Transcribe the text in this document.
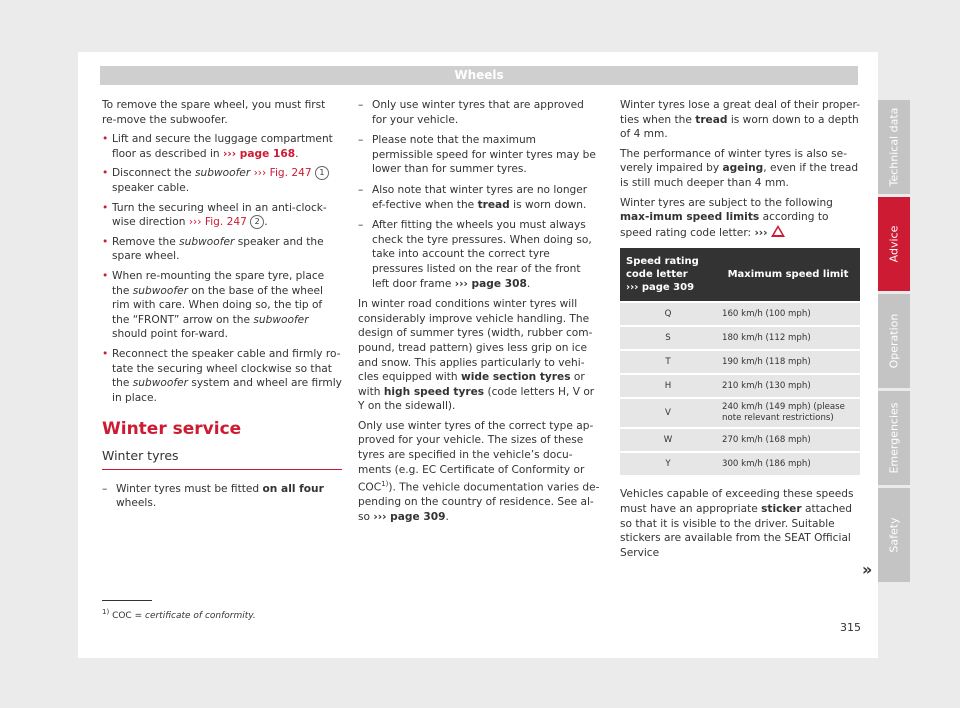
Wheels

To remove the spare wheel, you must first re-move the subwoofer.

• Lift and secure the luggage compartment floor as described in ››› page 168.

• Disconnect the subwoofer ››› Fig. 247 1 speaker cable.

• Turn the securing wheel in an anti-clock-wise direction ››› Fig. 247 2 .

• Remove the subwoofer speaker and the spare wheel.

• When re-mounting the spare tyre, place the subwoofer on the base of the wheel rim with care. When doing so, the tip of the “FRONT” arrow on the subwoofer should point for-ward.

• Reconnect the speaker cable and firmly ro-tate the securing wheel clockwise so that the subwoofer system and wheel are firmly in place.

Winter service
Winter tyres

– Winter tyres must be fitted on all four wheels.

– Only use winter tyres that are approved for your vehicle.

– Please note that the maximum permissible speed for winter tyres may be lower than for summer tyres.

– Also note that winter tyres are no longer ef-fective when the tread is worn down.

– After fitting the wheels you must always check the tyre pressures. When doing so, take into account the correct tyre pressures listed on the rear of the front left door frame ››› page 308.

In winter road conditions winter tyres will considerably improve vehicle handling. The design of summer tyres (width, rubber com-pound, tread pattern) gives less grip on ice and snow. This applies particularly to vehi-cles equipped with wide section tyres or with high speed tyres (code letters H, V or Y on the sidewall).

Only use winter tyres of the correct type ap-proved for your vehicle. The sizes of these tyres are specified in the vehicle’s docu-ments (e.g. EC Certificate of Conformity or COC$^{1)}$). The vehicle documentation varies de-pending on the country of residence. See al-so ››› page 309.

Winter tyres lose a great deal of their proper-ties when the tread is worn down to a depth of 4 mm.

The performance of winter tyres is also se-verely impaired by ageing, even if the tread is still much deeper than 4 mm.

Winter tyres are subject to the following max-imum speed limits according to speed rating code letter: ›››

Speed rating code letter
››› page 309	Maximum speed limit
Q	160 km/h (100 mph)
S	180 km/h (112 mph)
T	190 km/h (118 mph)
H	210 km/h (130 mph)
V	240 km/h (149 mph) (please note relevant restrictions)
W	270 km/h (168 mph)
Y	300 km/h (186 mph)

Vehicles capable of exceeding these speeds must have an appropriate sticker attached so that it is visible to the driver. Suitable stickers are available from the SEAT Official Service

»
Technical data
Advice
Operation
Emergencies
Safety
$^{1)}$ COC = certificate of conformity.
315
